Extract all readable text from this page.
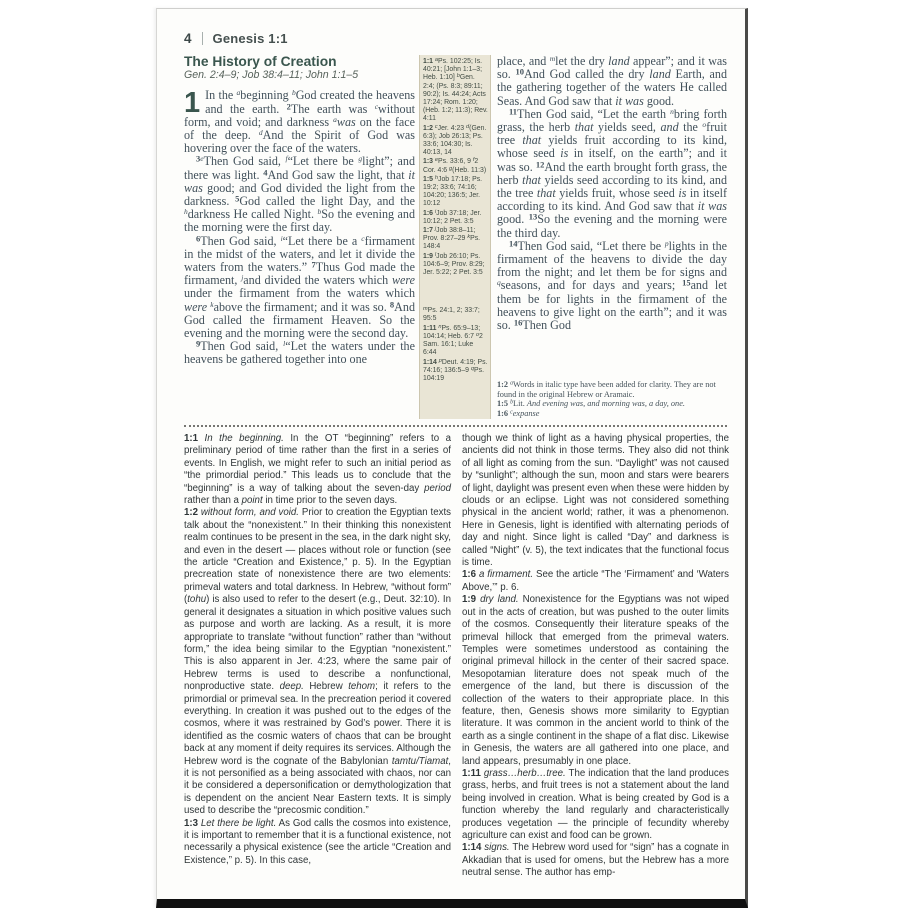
4 Genesis 1:1
The History of Creation
Gen. 2:4–9; Job 38:4–11; John 1:1–5

1 In the $^a$beginning $^b$God created the heavens and the earth. $^2$The earth was $^c$without form, and void; and darkness $^a$was on the face of the deep. $^d$And the Spirit of God was hovering over the face of the waters.

$^{3e}$Then God said, $^f$“Let there be $^g$light”; and there was light. $^4$And God saw the light, that it was good; and God divided the light from the darkness. $^5$God called the light Day, and the $^h$darkness He called Night. $^b$So the evening and the morning were the first day.

$^6$Then God said, $^i$“Let there be a $^c$firmament in the midst of the waters, and let it divide the waters from the waters.” $^7$Thus God made the firmament, $^j$and divided the waters which were under the firmament from the waters which were $^k$above the firmament; and it was so. $^8$And God called the firmament Heaven. So the evening and the morning were the second day.

$^9$Then God said, $^l$“Let the waters under the heavens be gathered together into one

1:1 $^a$Ps. 102:25; Is. 40:21; [John 1:1–3; Heb. 1:10] $^b$Gen. 2:4; (Ps. 8:3; 89:11; 90:2); Is. 44:24; Acts 17:24; Rom. 1:20; (Heb. 1:2; 11:3); Rev. 4:11

1:2 $^c$Jer. 4:23 $^d$(Gen. 6:3); Job 26:13; Ps. 33:6; 104:30; Is. 40:13, 14

1:3 $^e$Ps. 33:6, 9 $^f$2 Cor. 4:6 $^g$(Heb. 11:3)

1:5 $^h$Job 17:18; Ps. 19:2; 33:6; 74:16; 104:20; 136:5; Jer. 10:12

1:6 $^i$Job 37:18; Jer. 10:12; 2 Pet. 3:5

1:7 $^j$Job 38:8–11; Prov. 8:27–29 $^k$Ps. 148:4

1:9 $^l$Job 26:10; Ps. 104:6–9; Prov. 8:29; Jer. 5:22; 2 Pet. 3:5

$^m$Ps. 24:1, 2; 33:7; 95:5

1:11 $^n$Ps. 65:9–13; 104:14; Heb. 6:7 $^o$2 Sam. 16:1; Luke 6:44

1:14 $^p$Deut. 4:19; Ps. 74:16; 136:5–9 $^q$Ps. 104:19

place, and $^m$let the dry land appear”; and it was so. $^{10}$And God called the dry land Earth, and the gathering together of the waters He called Seas. And God saw that it was good.

$^{11}$Then God said, “Let the earth $^n$bring forth grass, the herb that yields seed, and the $^o$fruit tree that yields fruit according to its kind, whose seed is in itself, on the earth”; and it was so. $^{12}$And the earth brought forth grass, the herb that yields seed according to its kind, and the tree that yields fruit, whose seed is in itself according to its kind. And God saw that it was good. $^{13}$So the evening and the morning were the third day.

$^{14}$Then God said, “Let there be $^p$lights in the firmament of the heavens to divide the day from the night; and let them be for signs and $^q$seasons, and for days and years; $^{15}$and let them be for lights in the firmament of the heavens to give light on the earth”; and it was so. $^{16}$Then God

1:2 $^a$Words in italic type have been added for clarity. They are not found in the original Hebrew or Aramaic.

1:5 $^b$Lit. And evening was, and morning was, a day, one.

1:6 $^c$expanse

1:1 In the beginning. In the OT “beginning” refers to a preliminary period of time rather than the first in a series of events. In English, we might refer to such an initial period as “the primordial period.” This leads us to conclude that the “beginning” is a way of talking about the seven-day period rather than a point in time prior to the seven days.

1:2 without form, and void. Prior to creation the Egyptian texts talk about the “nonexistent.” In their thinking this nonexistent realm continues to be present in the sea, in the dark night sky, and even in the desert — places without role or function (see the article “Creation and Existence,” p. 5). In the Egyptian precreation state of nonexistence there are two elements: primeval waters and total darkness. In Hebrew, “without form” (tohu) is also used to refer to the desert (e.g., Deut. 32:10). In general it designates a situation in which positive values such as purpose and worth are lacking. As a result, it is more appropriate to translate “without function” rather than “without form,” the idea being similar to the Egyptian “nonexistent.” This is also apparent in Jer. 4:23, where the same pair of Hebrew terms is used to describe a nonfunctional, nonproductive state. deep. Hebrew tehom; it refers to the primordial or primeval sea. In the precreation period it covered everything. In creation it was pushed out to the edges of the cosmos, where it was restrained by God’s power. There it is identified as the cosmic waters of chaos that can be brought back at any moment if deity requires its services. Although the Hebrew word is the cognate of the Babylonian tamtu/Tiamat, it is not personified as a being associated with chaos, nor can it be considered a depersonification or demythologization that is dependent on the ancient Near Eastern texts. It is simply used to describe the “precosmic condition.”

1:3 Let there be light. As God calls the cosmos into existence, it is important to remember that it is a functional existence, not necessarily a physical existence (see the article “Creation and Existence,” p. 5). In this case,

though we think of light as a having physical properties, the ancients did not think in those terms. They also did not think of all light as coming from the sun. “Daylight” was not caused by “sunlight”; although the sun, moon and stars were bearers of light, daylight was present even when these were hidden by clouds or an eclipse. Light was not considered something physical in the ancient world; rather, it was a phenomenon. Here in Genesis, light is identified with alternating periods of day and night. Since light is called “Day” and darkness is called “Night” (v. 5), the text indicates that the functional focus is time.

1:6 a firmament. See the article “The ‘Firmament’ and ‘Waters Above,’” p. 6.

1:9 dry land. Nonexistence for the Egyptians was not wiped out in the acts of creation, but was pushed to the outer limits of the cosmos. Consequently their literature speaks of the primeval hillock that emerged from the primeval waters. Temples were sometimes understood as containing the original primeval hillock in the center of their sacred space. Mesopotamian literature does not speak much of the emergence of the land, but there is discussion of the collection of the waters to their appropriate place. In this feature, then, Genesis shows more similarity to Egyptian literature. It was common in the ancient world to think of the earth as a single continent in the shape of a flat disc. Likewise in Genesis, the waters are all gathered into one place, and land appears, presumably in one place.

1:11 grass…herb…tree. The indication that the land produces grass, herbs, and fruit trees is not a statement about the land being involved in creation. What is being created by God is a function whereby the land regularly and characteristically produces vegetation — the principle of fecundity whereby agriculture can exist and food can be grown.

1:14 signs. The Hebrew word used for “sign” has a cognate in Akkadian that is used for omens, but the Hebrew has a more neutral sense. The author has emp-
